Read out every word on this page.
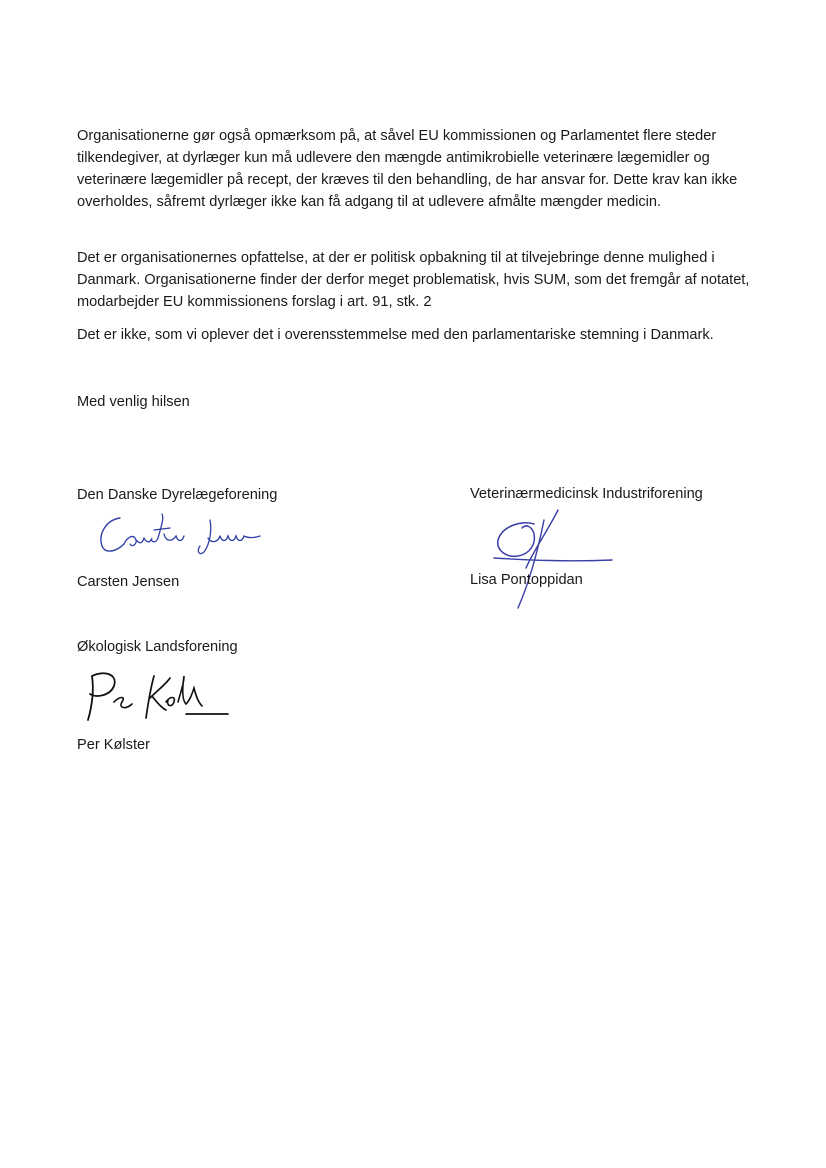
Organisationerne gør også opmærksom på, at såvel EU kommissionen og Parlamentet flere steder tilkendegiver, at dyrlæger kun må udlevere den mængde antimikrobielle veterinære lægemidler og veterinære lægemidler på recept, der kræves til den behandling, de har ansvar for. Dette krav kan ikke overholdes, såfremt dyrlæger ikke kan få adgang til at udlevere afmålte mængder medicin.

Det er organisationernes opfattelse, at der er politisk opbakning til at tilvejebringe denne mulighed i Danmark. Organisationerne finder der derfor meget problematisk, hvis SUM, som det fremgår af notatet, modarbejder EU kommissionens forslag i art. 91, stk. 2

Det er ikke, som vi oplever det i overensstemmelse med den parlamentariske stemning i Danmark.

Med venlig hilsen
Den Danske Dyrelægeforening
Carsten Jensen
Veterinærmedicinsk Industriforening
Lisa Pontoppidan
Økologisk Landsforening
Per Kølster
